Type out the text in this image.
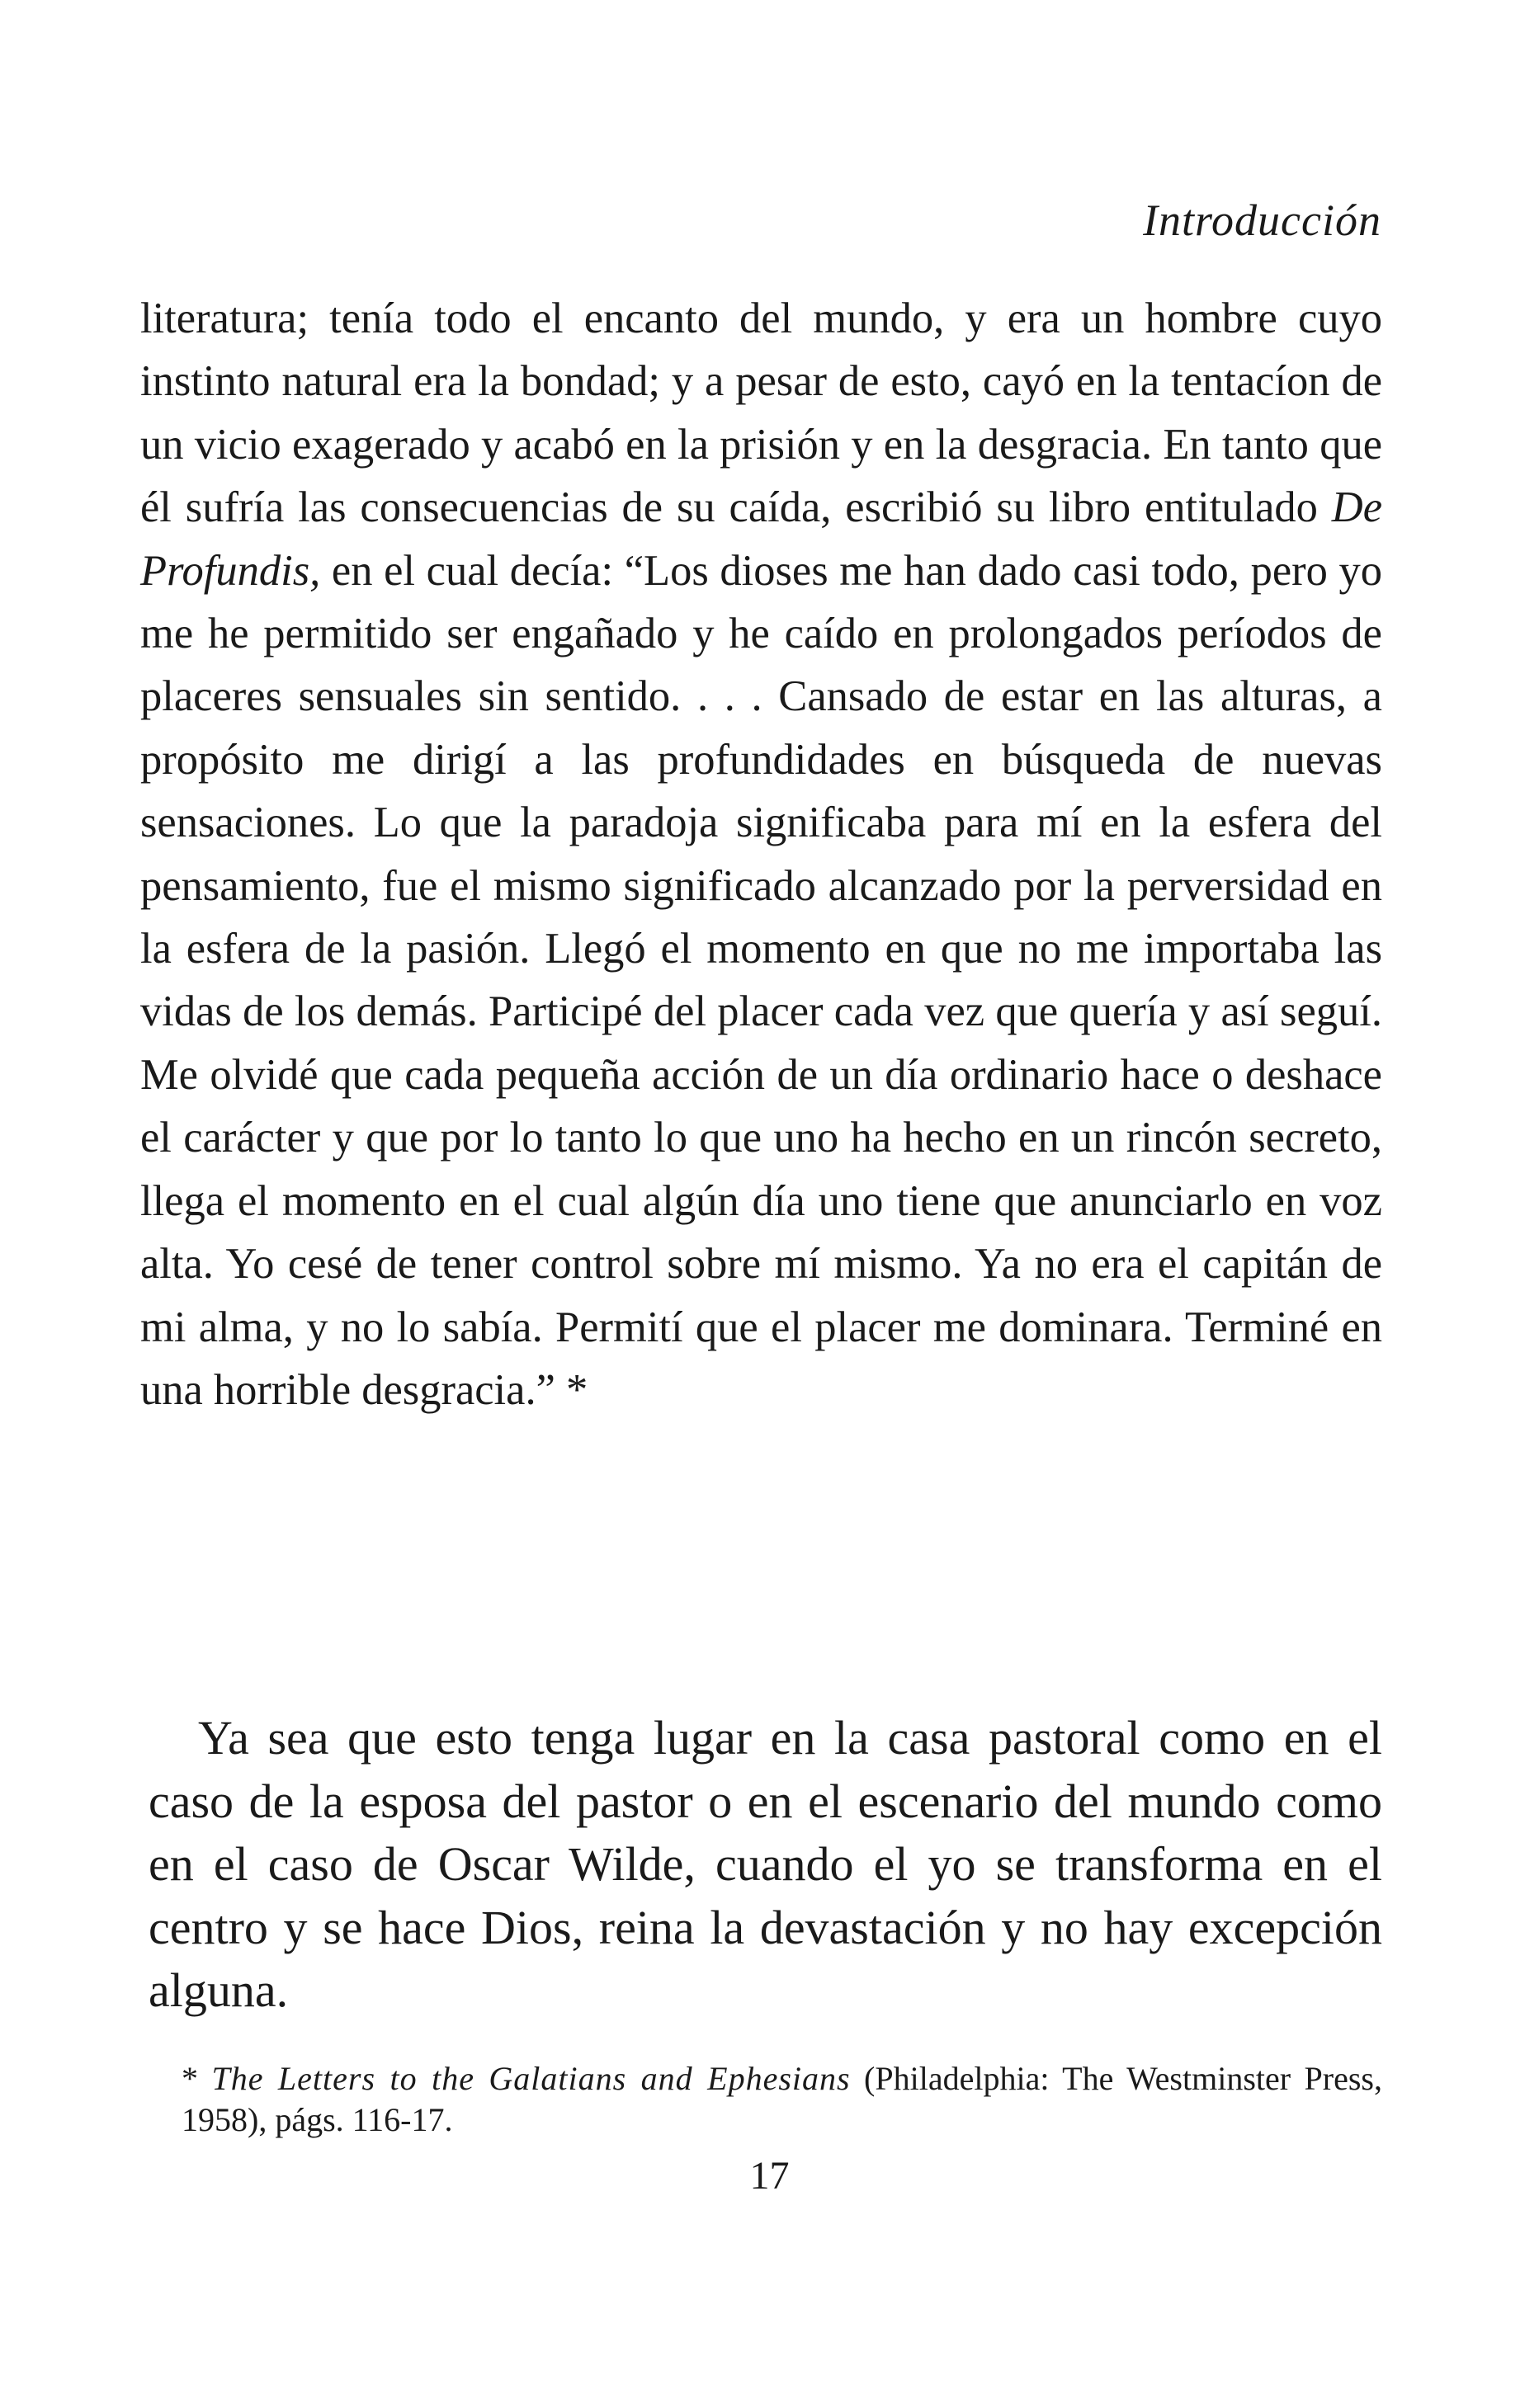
Introducción

literatura; tenía todo el encanto del mundo, y era un hombre cuyo instinto natural era la bondad; y a pesar de esto, cayó en la tentacíon de un vicio exagerado y acabó en la prisión y en la desgracia. En tanto que él sufría las consecuencias de su caída, escribió su libro entitulado De Profundis, en el cual decía: “Los dioses me han dado casi todo, pero yo me he permitido ser engañado y he caído en prolongados períodos de placeres sensuales sin sentido. . . . Cansado de estar en las alturas, a propósito me dirigí a las profundidades en búsqueda de nuevas sensaciones. Lo que la paradoja significaba para mí en la esfera del pensamiento, fue el mismo significado alcanzado por la perversidad en la esfera de la pasión. Llegó el momento en que no me importaba las vidas de los demás. Participé del placer cada vez que quería y así seguí. Me olvidé que cada pequeña acción de un día ordinario hace o deshace el carácter y que por lo tanto lo que uno ha hecho en un rincón secreto, llega el momento en el cual algún día uno tiene que anunciarlo en voz alta. Yo cesé de tener control sobre mí mismo. Ya no era el capitán de mi alma, y no lo sabía. Permití que el placer me dominara. Terminé en una horrible desgracia.” *

Ya sea que esto tenga lugar en la casa pastoral como en el caso de la esposa del pastor o en el escenario del mundo como en el caso de Oscar Wilde, cuando el yo se transforma en el centro y se hace Dios, reina la devastación y no hay excepción alguna.

* The Letters to the Galatians and Ephesians (Philadelphia: The Westminster Press, 1958), págs. 116-17.

17
